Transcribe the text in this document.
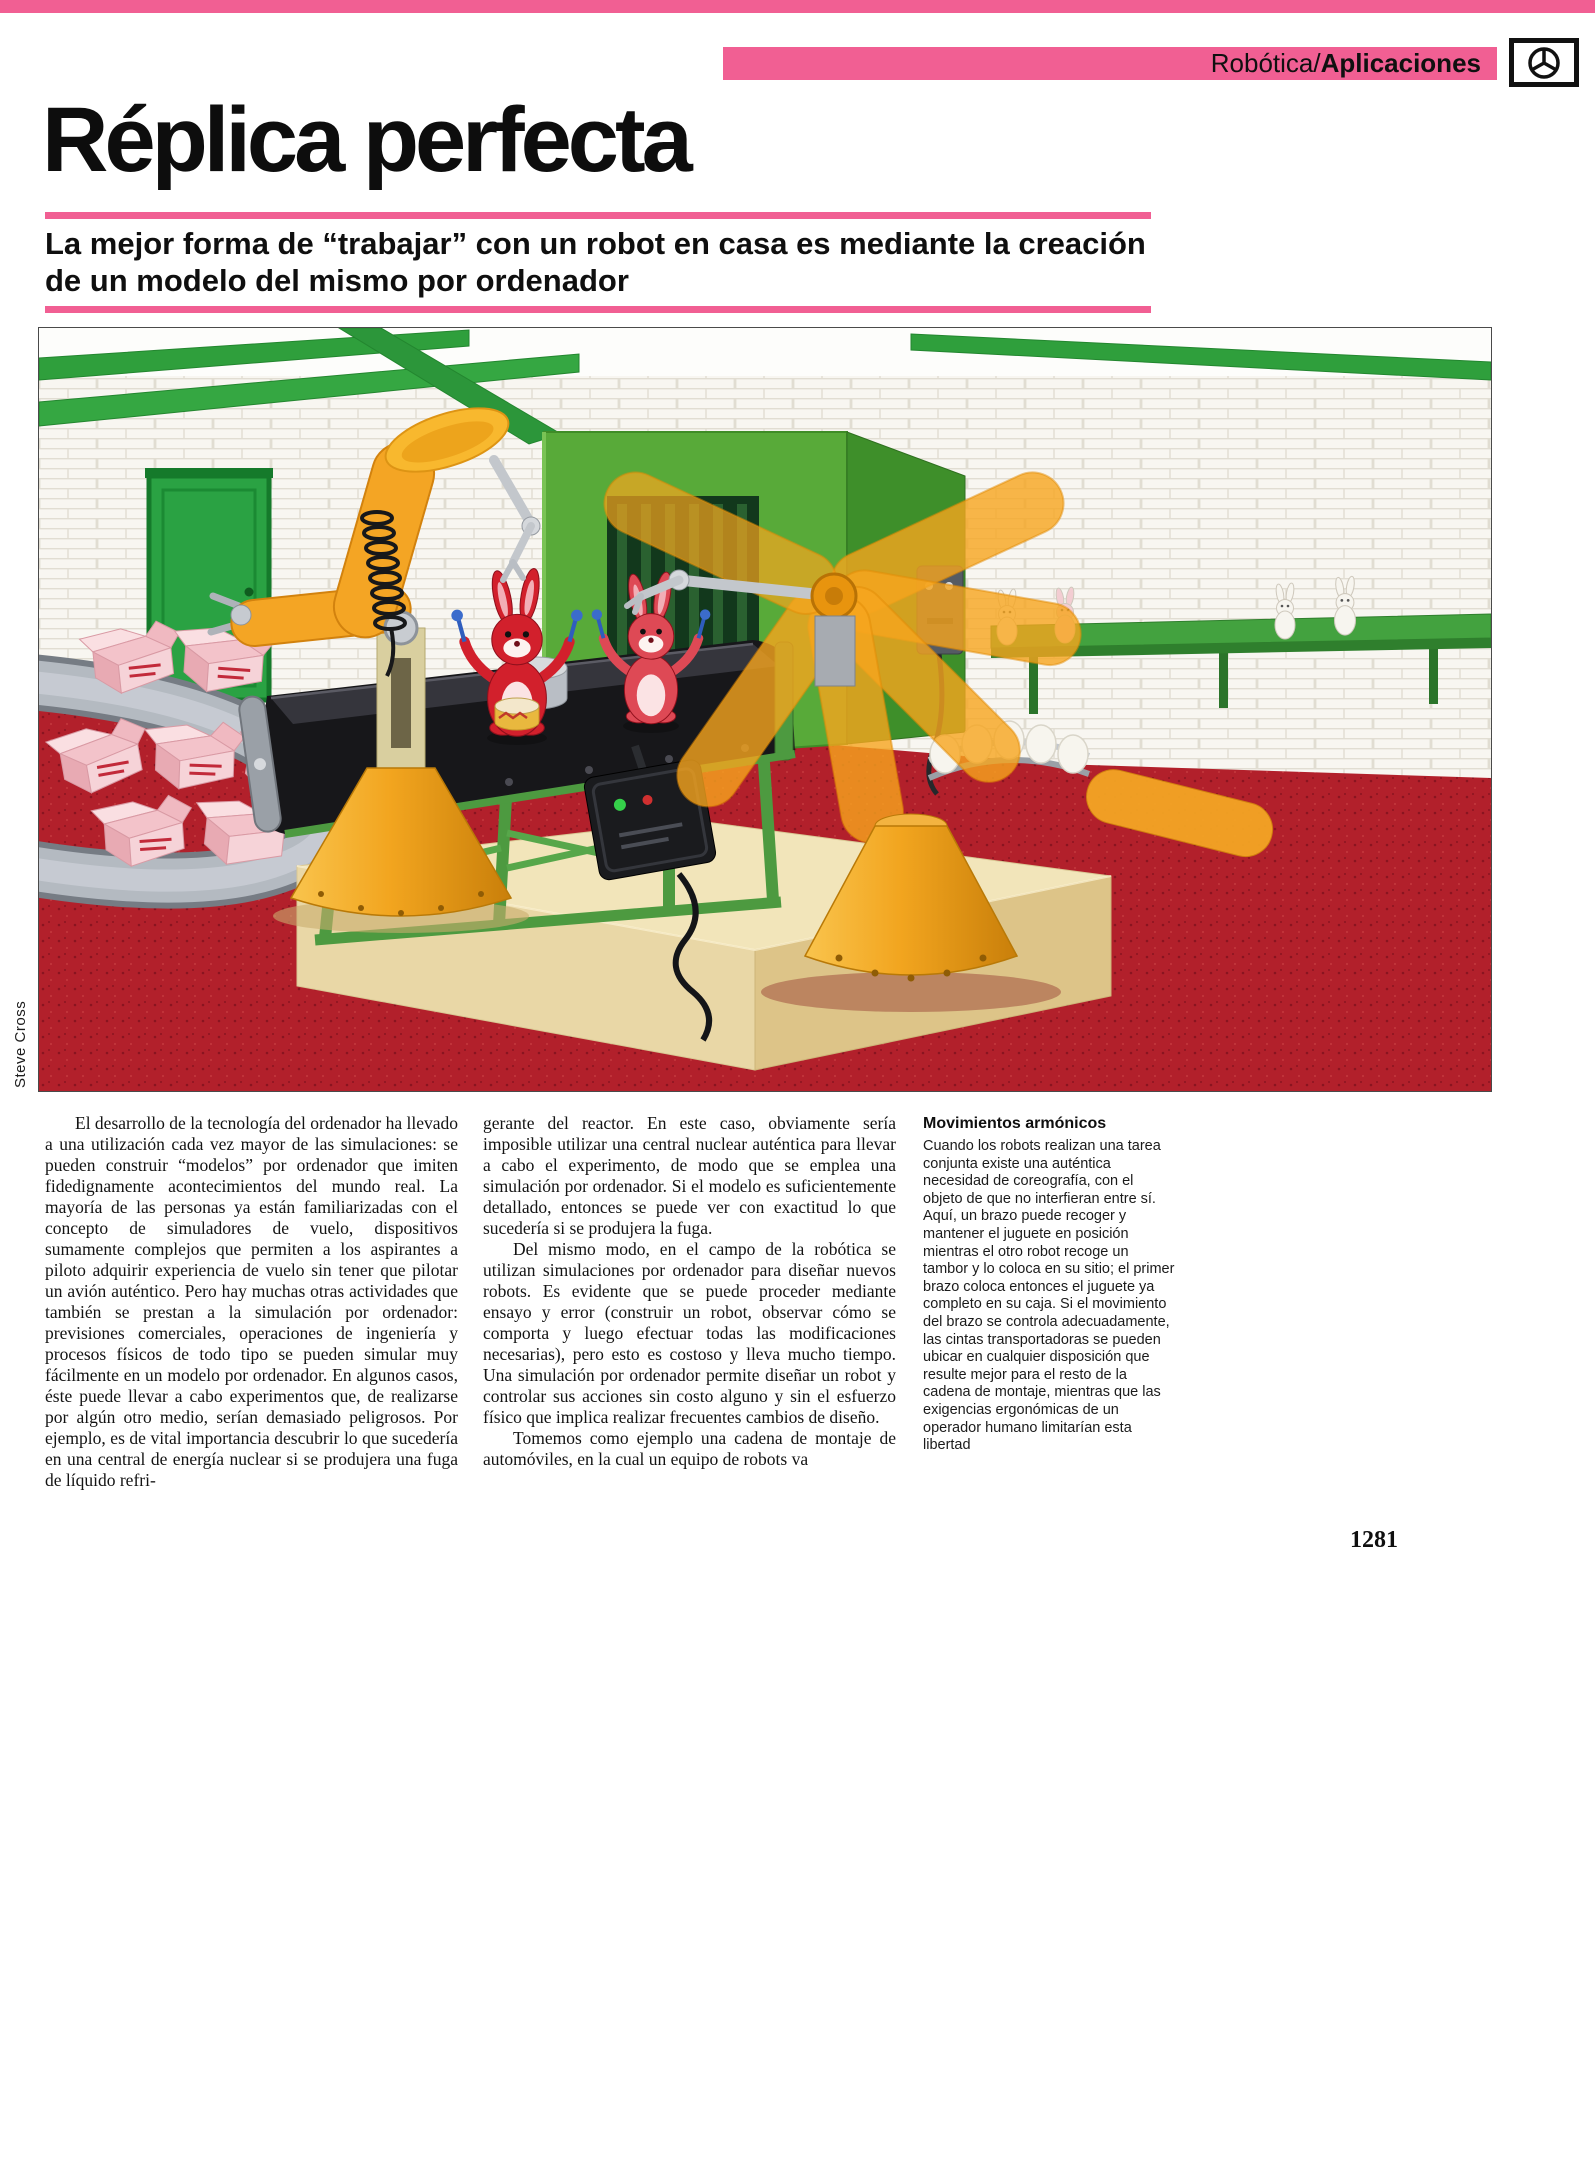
Robótica/ Aplicaciones
Réplica perfecta
La mejor forma de “trabajar” con un robot en casa es mediante la creación de un modelo del mismo por ordenador
Steve Cross

El desarrollo de la tecnología del ordenador ha llevado a una utilización cada vez mayor de las simulaciones: se pueden construir “modelos” por ordenador que imiten fidedignamente acontecimientos del mundo real. La mayoría de las personas ya están familiarizadas con el concepto de simuladores de vuelo, dispositivos sumamente complejos que permiten a los aspirantes a piloto adquirir experiencia de vuelo sin tener que pilotar un avión auténtico. Pero hay muchas otras actividades que también se prestan a la simulación por ordenador: previsiones comerciales, operaciones de ingeniería y procesos físicos de todo tipo se pueden simular muy fácilmente en un modelo por ordenador. En algunos casos, éste puede llevar a cabo experimentos que, de realizarse por algún otro medio, serían demasiado peligrosos. Por ejemplo, es de vital importancia descubrir lo que sucedería en una central de energía nuclear si se produjera una fuga de líquido refri-

gerante del reactor. En este caso, obviamente sería imposible utilizar una central nuclear auténtica para llevar a cabo el experimento, de modo que se emplea una simulación por ordenador. Si el modelo es suficientemente detallado, entonces se puede ver con exactitud lo que sucedería si se produjera la fuga.

Del mismo modo, en el campo de la robótica se utilizan simulaciones por ordenador para diseñar nuevos robots. Es evidente que se puede proceder mediante ensayo y error (construir un robot, observar cómo se comporta y luego efectuar todas las modificaciones necesarias), pero esto es costoso y lleva mucho tiempo. Una simulación por ordenador permite diseñar un robot y controlar sus acciones sin costo alguno y sin el esfuerzo físico que implica realizar frecuentes cambios de diseño.

Tomemos como ejemplo una cadena de montaje de automóviles, en la cual un equipo de robots va

Movimientos armónicos

Cuando los robots realizan una tarea conjunta existe una auténtica necesidad de coreografía, con el objeto de que no interfieran entre sí. Aquí, un brazo puede recoger y mantener el juguete en posición mientras el otro robot recoge un tambor y lo coloca en su sitio; el primer brazo coloca entonces el juguete ya completo en su caja. Si el movimiento del brazo se controla adecuadamente, las cintas transportadoras se pueden ubicar en cualquier disposición que resulte mejor para el resto de la cadena de montaje, mientras que las exigencias ergonómicas de un operador humano limitarían esta libertad

1281
